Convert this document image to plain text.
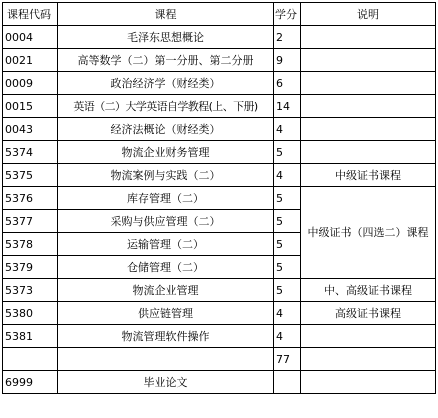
课程代码	课程	学分	说明
0004	毛泽东思想概论	2	
0021	高等数学（二）第一分册、第二分册	9	
0009	政治经济学（财经类）	6	
0015	英语（二）大学英语自学教程(上、下册)	14	
0043	经济法概论（财经类）	4	
5374	物流企业财务管理	5	
5375	物流案例与实践（二）	4	中级证书课程
5376	库存管理（二）	5	中级证书（四选二）课程
5377	采购与供应管理（二）	5	
5378	运输管理（二）	5	
5379	仓储管理（二）	5	
5373	物流企业管理	5	中、高级证书课程
5380	供应链管理	4	高级证书课程
5381	物流管理软件操作	4	
		77	
6999	毕业论文		
